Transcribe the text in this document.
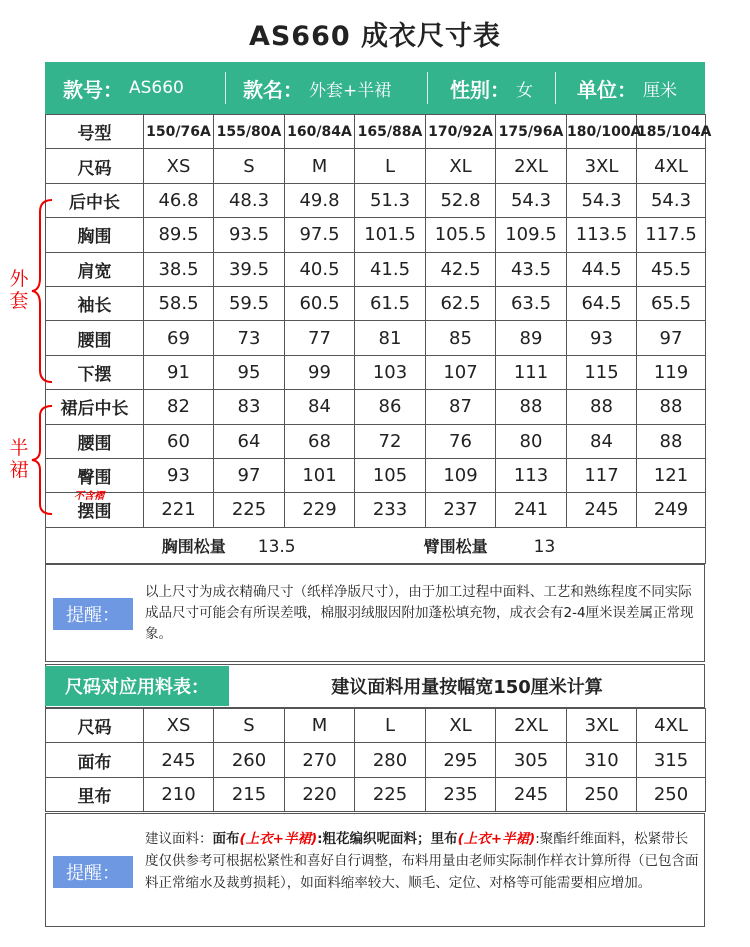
AS660 成衣尺寸表
款号： AS660	款名： 外套+半裙	性别： 女 单位： 厘米
号型	150/76A	155/80A	160/84A	165/88A	170/92A	175/96A	180/100A	185/104A
尺码	XS	S	M	L	XL	2XL	3XL	4XL
后中长	46.8	48.3	49.8	51.3	52.8	54.3	54.3	54.3
胸围	89.5	93.5	97.5	101.5	105.5	109.5	113.5	117.5
肩宽	38.5	39.5	40.5	41.5	42.5	43.5	44.5	45.5
袖长	58.5	59.5	60.5	61.5	62.5	63.5	64.5	65.5
腰围	69	73	77	81	85	89	93	97
下摆	91	95	99	103	107	111	115	119
裙后中长	82	83	84	86	87	88	88	88
腰围	60	64	68	72	76	80	84	88
臀围	93	97	101	105	109	113	117	121
摆围	221	225	229	233	237	241	245	249
胸围松量 13.5 臂围松量 13								
外套
半裙
不含褶
提醒：
以上尺寸为成衣精确尺寸（纸样净版尺寸），由于加工过程中面料、工艺和熟练程度不同实际成品尺寸可能会有所误差哦，棉服羽绒服因附加蓬松填充物，成衣会有2-4厘米误差属正常现象。
尺码对应用料表：	建议面料用量按幅宽150厘米计算
尺码	XS	S	M	L	XL	2XL	3XL	4XL
面布	245	260	270	280	295	305	310	315
里布	210	215	220	225	235	245	250	250
提醒：
建议面料：面布(上衣+半裙):粗花编织呢面料；里布(上衣+半裙):聚酯纤维面料，松紧带长度仅供参考可根据松紧性和喜好自行调整，布料用量由老师实际制作样衣计算所得（已包含面料正常缩水及裁剪损耗），如面料缩率较大、顺毛、定位、对格等可能需要相应增加。
